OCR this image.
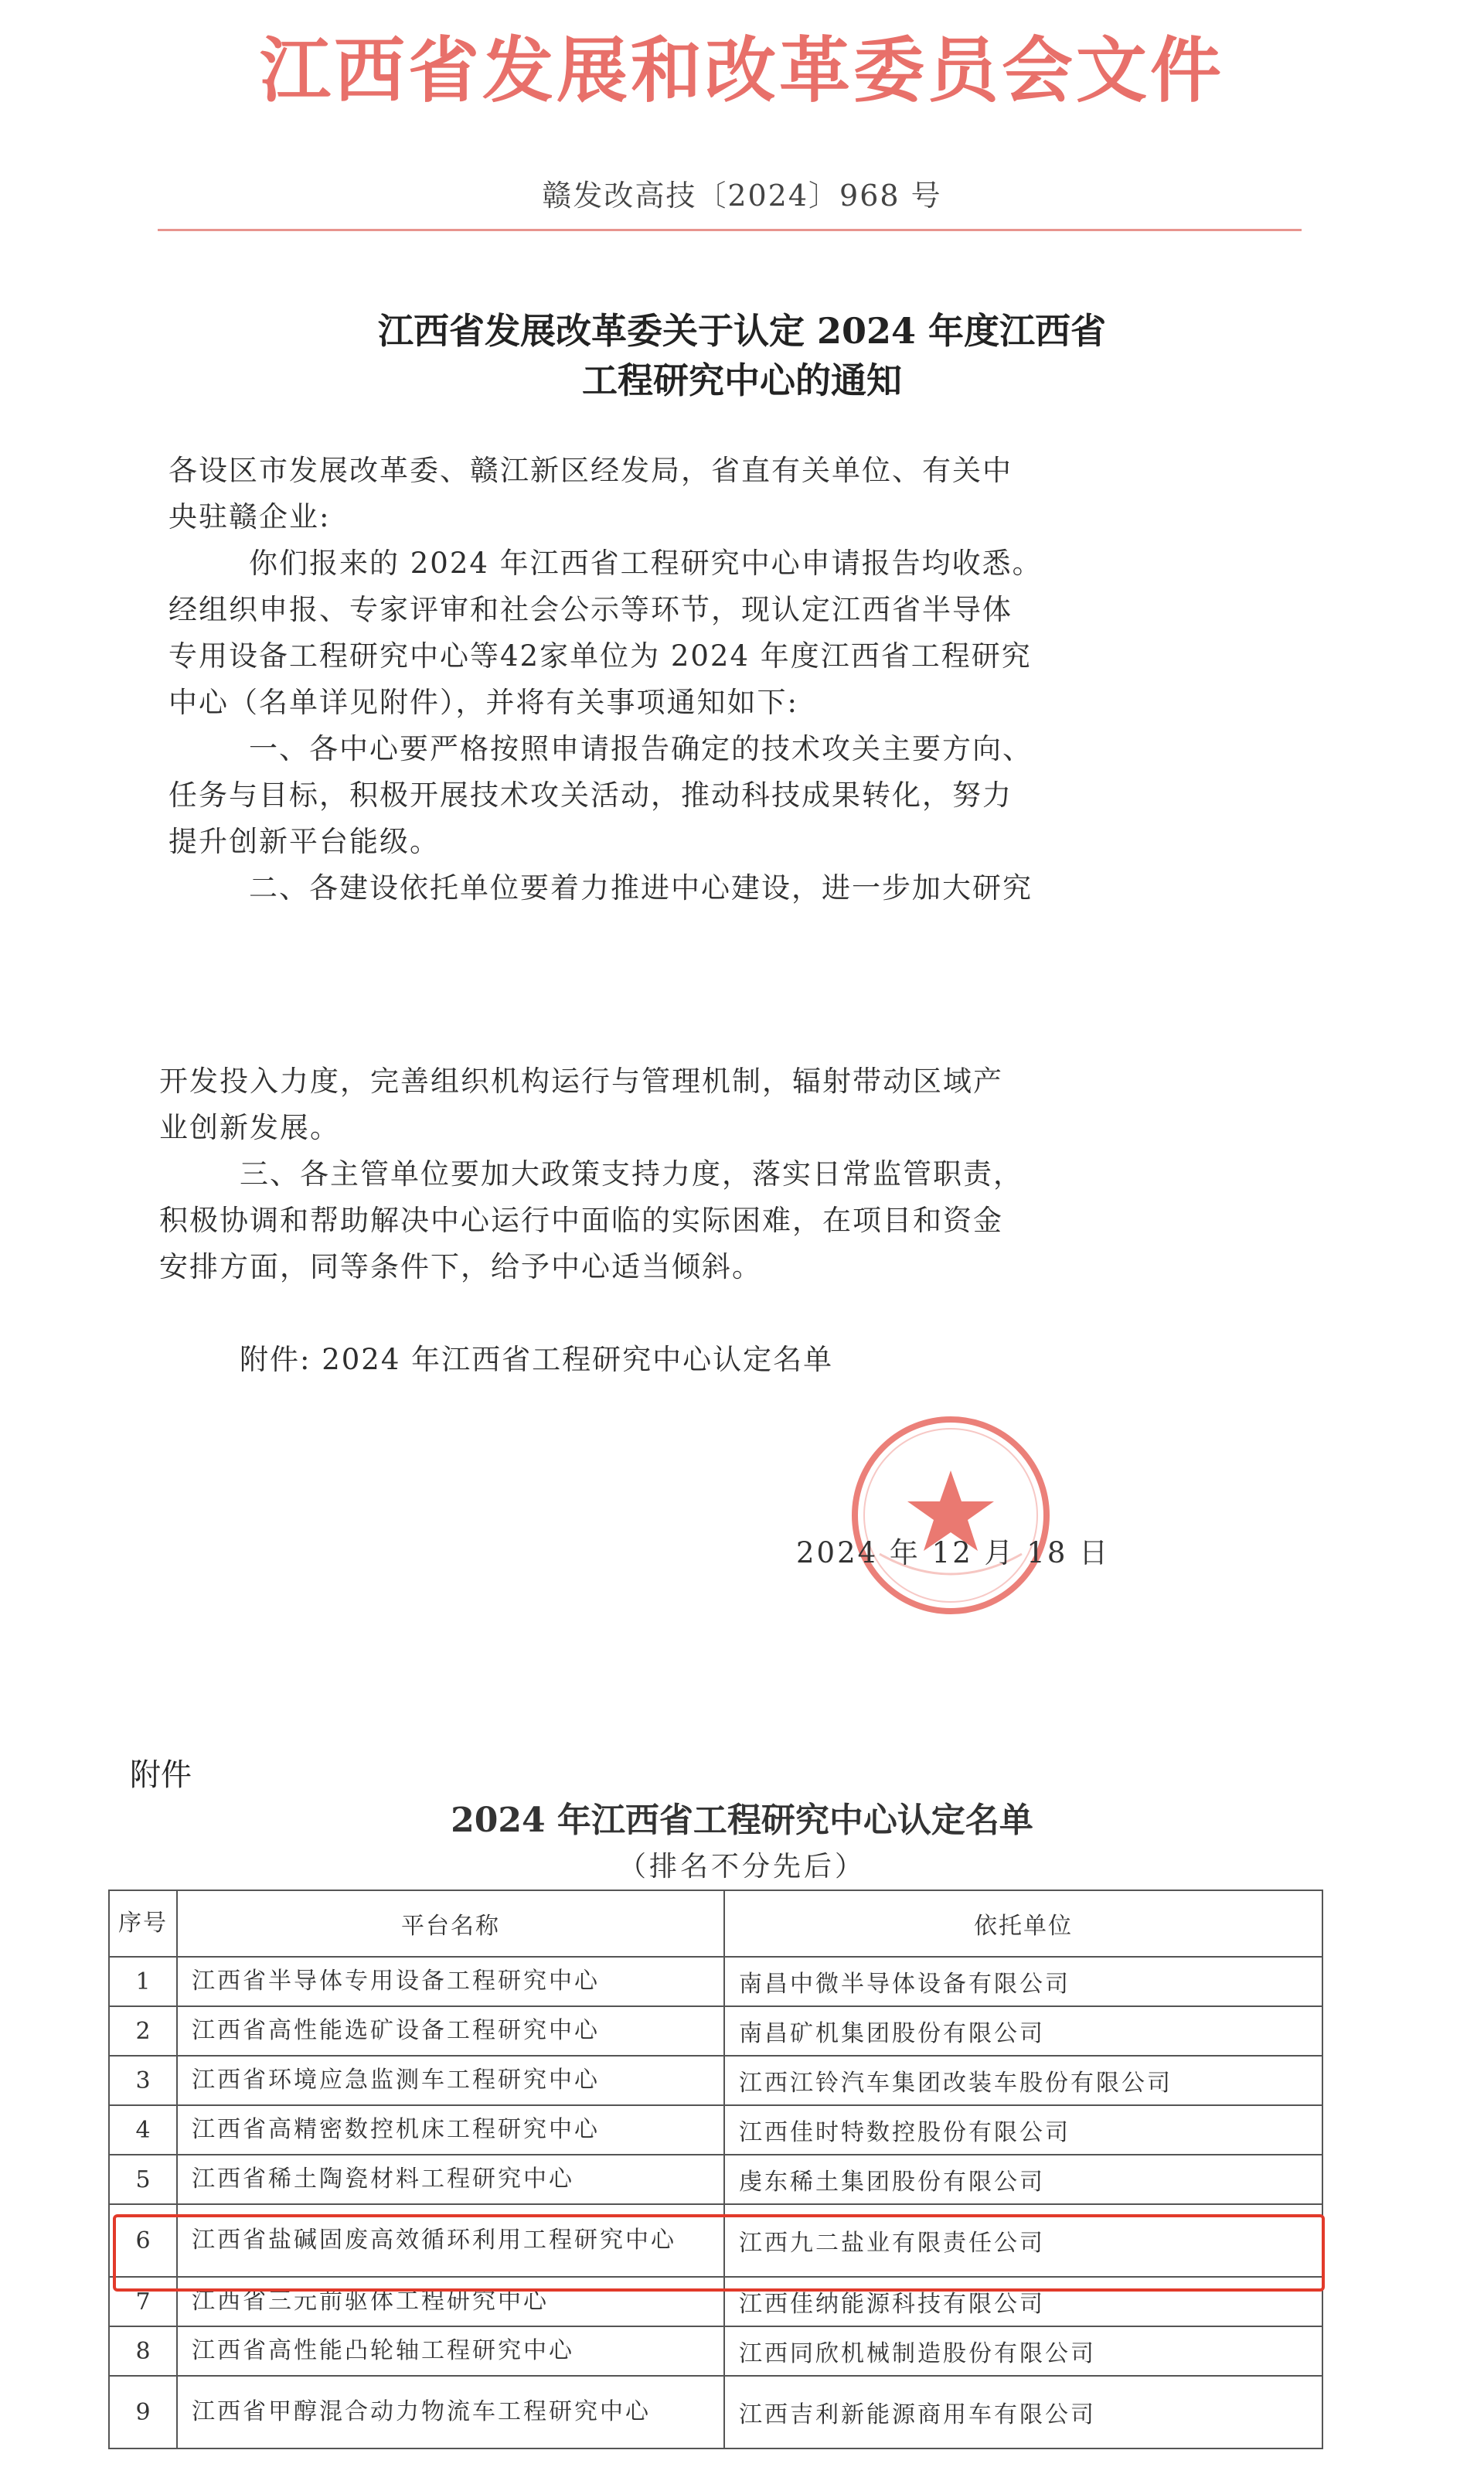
江西省发展和改革委员会文件
赣发改高技〔2024〕968 号
江西省发展改革委关于认定 2024 年度江西省
工程研究中心的通知
各设区市发展改革委、赣江新区经发局，省直有关单位、有关中
央驻赣企业:
你们报来的 2024 年江西省工程研究中心申请报告均收悉。
经组织申报、专家评审和社会公示等环节，现认定江西省半导体
专用设备工程研究中心等42家单位为 2024 年度江西省工程研究
中心（名单详见附件），并将有关事项通知如下:
一、各中心要严格按照申请报告确定的技术攻关主要方向、
任务与目标，积极开展技术攻关活动，推动科技成果转化，努力
提升创新平台能级。
二、各建设依托单位要着力推进中心建设，进一步加大研究
开发投入力度，完善组织机构运行与管理机制，辐射带动区域产
业创新发展。
三、各主管单位要加大政策支持力度，落实日常监管职责，
积极协调和帮助解决中心运行中面临的实际困难，在项目和资金
安排方面，同等条件下，给予中心适当倾斜。
附件: 2024 年江西省工程研究中心认定名单
2024 年 12 月 18 日
附件
2024 年江西省工程研究中心认定名单
（排名不分先后）
序号	平台名称	依托单位
1	江西省半导体专用设备工程研究中心	南昌中微半导体设备有限公司
2	江西省高性能选矿设备工程研究中心	南昌矿机集团股份有限公司
3	江西省环境应急监测车工程研究中心	江西江铃汽车集团改装车股份有限公司
4	江西省高精密数控机床工程研究中心	江西佳时特数控股份有限公司
5	江西省稀土陶瓷材料工程研究中心	虔东稀土集团股份有限公司
6	江西省盐碱固废高效循环利用工程研究中心	江西九二盐业有限责任公司
7	江西省三元前驱体工程研究中心	江西佳纳能源科技有限公司
8	江西省高性能凸轮轴工程研究中心	江西同欣机械制造股份有限公司
9	江西省甲醇混合动力物流车工程研究中心	江西吉利新能源商用车有限公司
